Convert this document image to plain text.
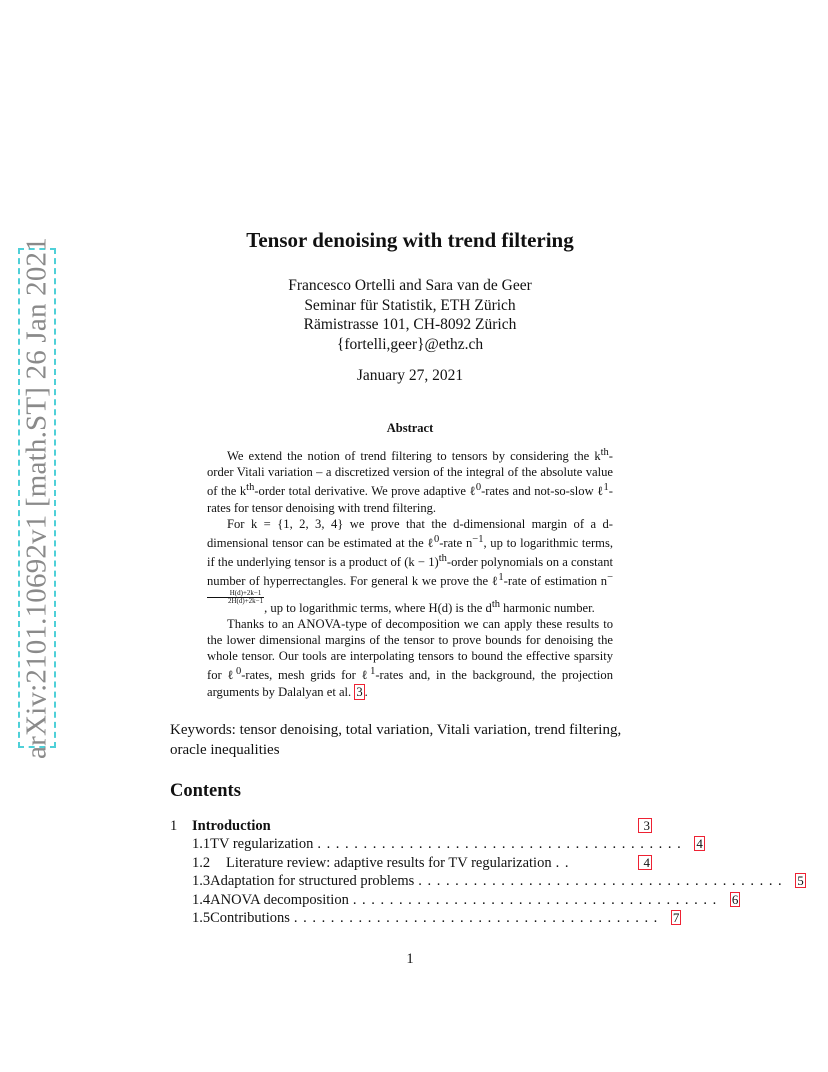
arXiv:2101.10692v1 [math.ST] 26 Jan 2021	Tensor denoising with trend filtering
Francesco Ortelli and Sara van de Geer
Seminar für Statistik, ETH Zürich
Rämistrasse 101, CH-8092 Zürich
{fortelli,geer}@ethz.ch
January 27, 2021
Abstract

We extend the notion of trend filtering to tensors by considering the $k^{th}$-order Vitali variation – a discretized version of the integral of the absolute value of the $k^{th}$-order total derivative. We prove adaptive ℓ$^0$-rates and not-so-slow ℓ$^1$-rates for tensor denoising with trend filtering.

For k = {1, 2, 3, 4} we prove that the d-dimensional margin of a d-dimensional tensor can be estimated at the ℓ$^0$-rate $n^{-1}$, up to logarithmic terms, if the underlying tensor is a product of $(k - 1)^{th}$-order polynomials on a constant number of hyperrectangles. For general k we prove the ℓ$^1$-rate of estimation $n^{- \frac{H(d)+2k-1}{2H(d)+2k-1}}$
, up to logarithmic terms, where H(d) is the $d^{th}$ harmonic number.

Thanks to an ANOVA-type of decomposition we can apply these results to the lower dimensional margins of the tensor to prove bounds for denoising the whole tensor. Our tools are interpolating tensors to bound the effective sparsity for ℓ$^0$-rates, mesh grids for ℓ$^1$-rates and, in the background, the projection arguments by Dalalyan et al. 3 .

Keywords: tensor denoising, total variation, Vitali variation, trend filtering, oracle inequalities
Contents
1	Introduction	3
1.1 TV regularization ........................................ 4
1.2	Literature review: adaptive results for TV regularization ..	4
1.3 Adaptation for structured problems ........................................ 5
1.4 ANOVA decomposition ........................................ 6
1.5 Contributions ........................................ 7
1
